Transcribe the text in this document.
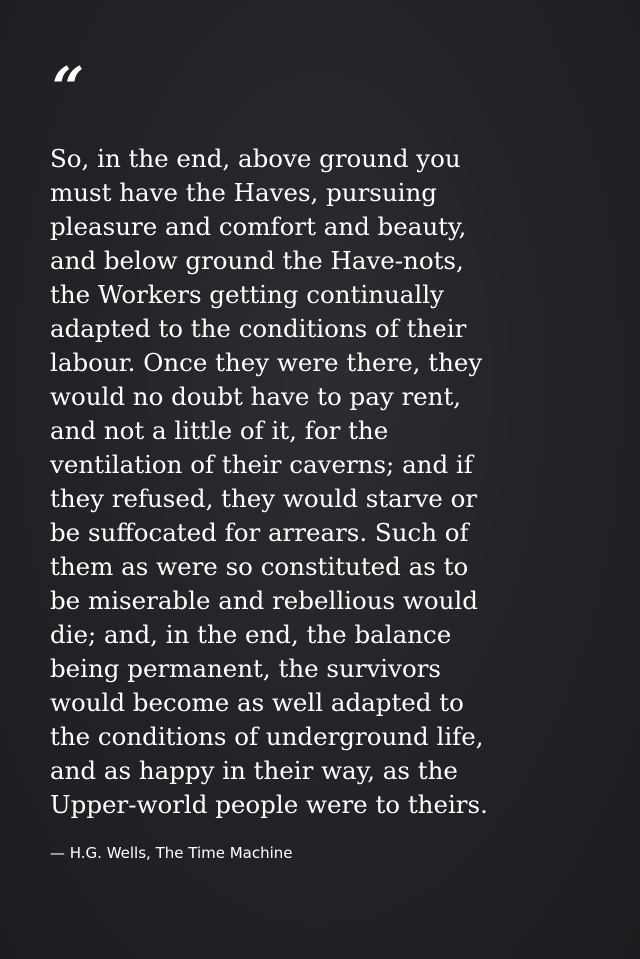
“

So, in the end, above ground you
must have the Haves, pursuing
pleasure and comfort and beauty,
and below ground the Have-nots,
the Workers getting continually
adapted to the conditions of their
labour. Once they were there, they
would no doubt have to pay rent,
and not a little of it, for the
ventilation of their caverns; and if
they refused, they would starve or
be suffocated for arrears. Such of
them as were so constituted as to
be miserable and rebellious would
die; and, in the end, the balance
being permanent, the survivors
would become as well adapted to
the conditions of underground life,
and as happy in their way, as the
Upper-world people were to theirs.

— H.G. Wells, The Time Machine
